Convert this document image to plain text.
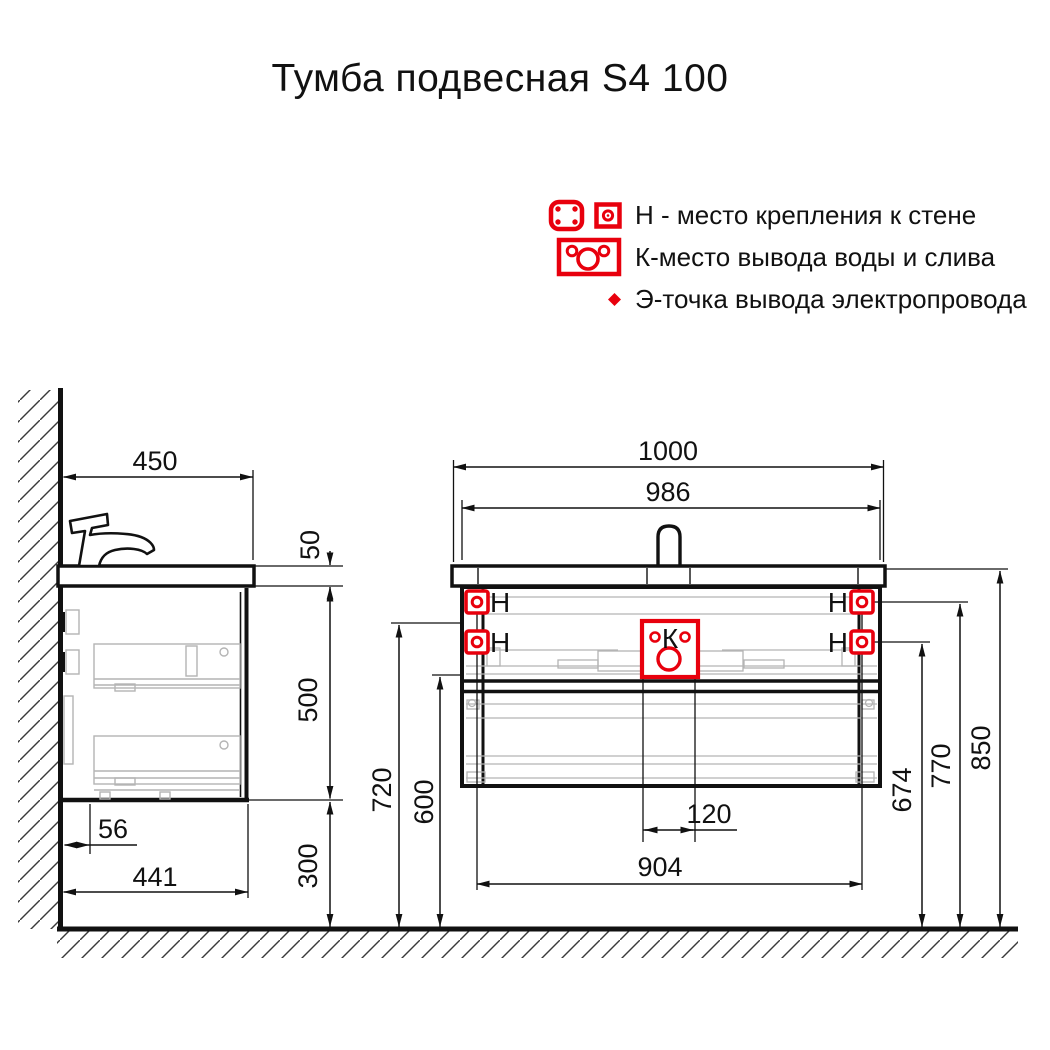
Тумба подвесная S4 100
Н - место крепления к стене
К-место вывода воды и слива
Э-точка вывода электропровода
450
50
500
300
56
441
Н
Н
Н
Н
К
1000
986
120
904
720 600	674
770 850
